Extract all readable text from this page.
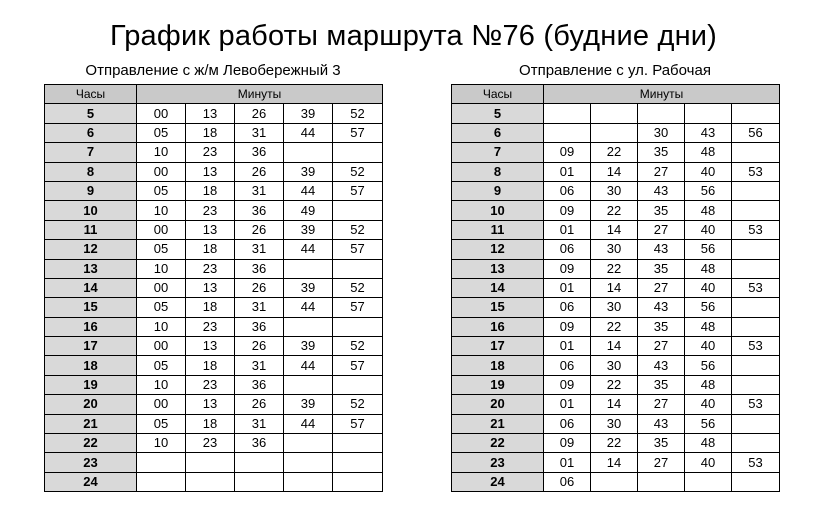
График работы маршрута №76 (будние дни)
Отправление с ж/м Левобережный 3	Отправление с ул. Рабочая
Часы	Минуты				
5	00	13	26	39	52
6	05	18	31	44	57
7	10	23	36		
8	00	13	26	39	52
9	05	18	31	44	57
10	10	23	36	49	
11	00	13	26	39	52
12	05	18	31	44	57
13	10	23	36		
14	00	13	26	39	52
15	05	18	31	44	57
16	10	23	36		
17	00	13	26	39	52
18	05	18	31	44	57
19	10	23	36		
20	00	13	26	39	52
21	05	18	31	44	57
22	10	23	36		
23					
24					
Часы	Минуты				
5					
6			30	43	56
7	09	22	35	48	
8	01	14	27	40	53
9	06	30	43	56	
10	09	22	35	48	
11	01	14	27	40	53
12	06	30	43	56	
13	09	22	35	48	
14	01	14	27	40	53
15	06	30	43	56	
16	09	22	35	48	
17	01	14	27	40	53
18	06	30	43	56	
19	09	22	35	48	
20	01	14	27	40	53
21	06	30	43	56	
22	09	22	35	48	
23	01	14	27	40	53
24	06				
